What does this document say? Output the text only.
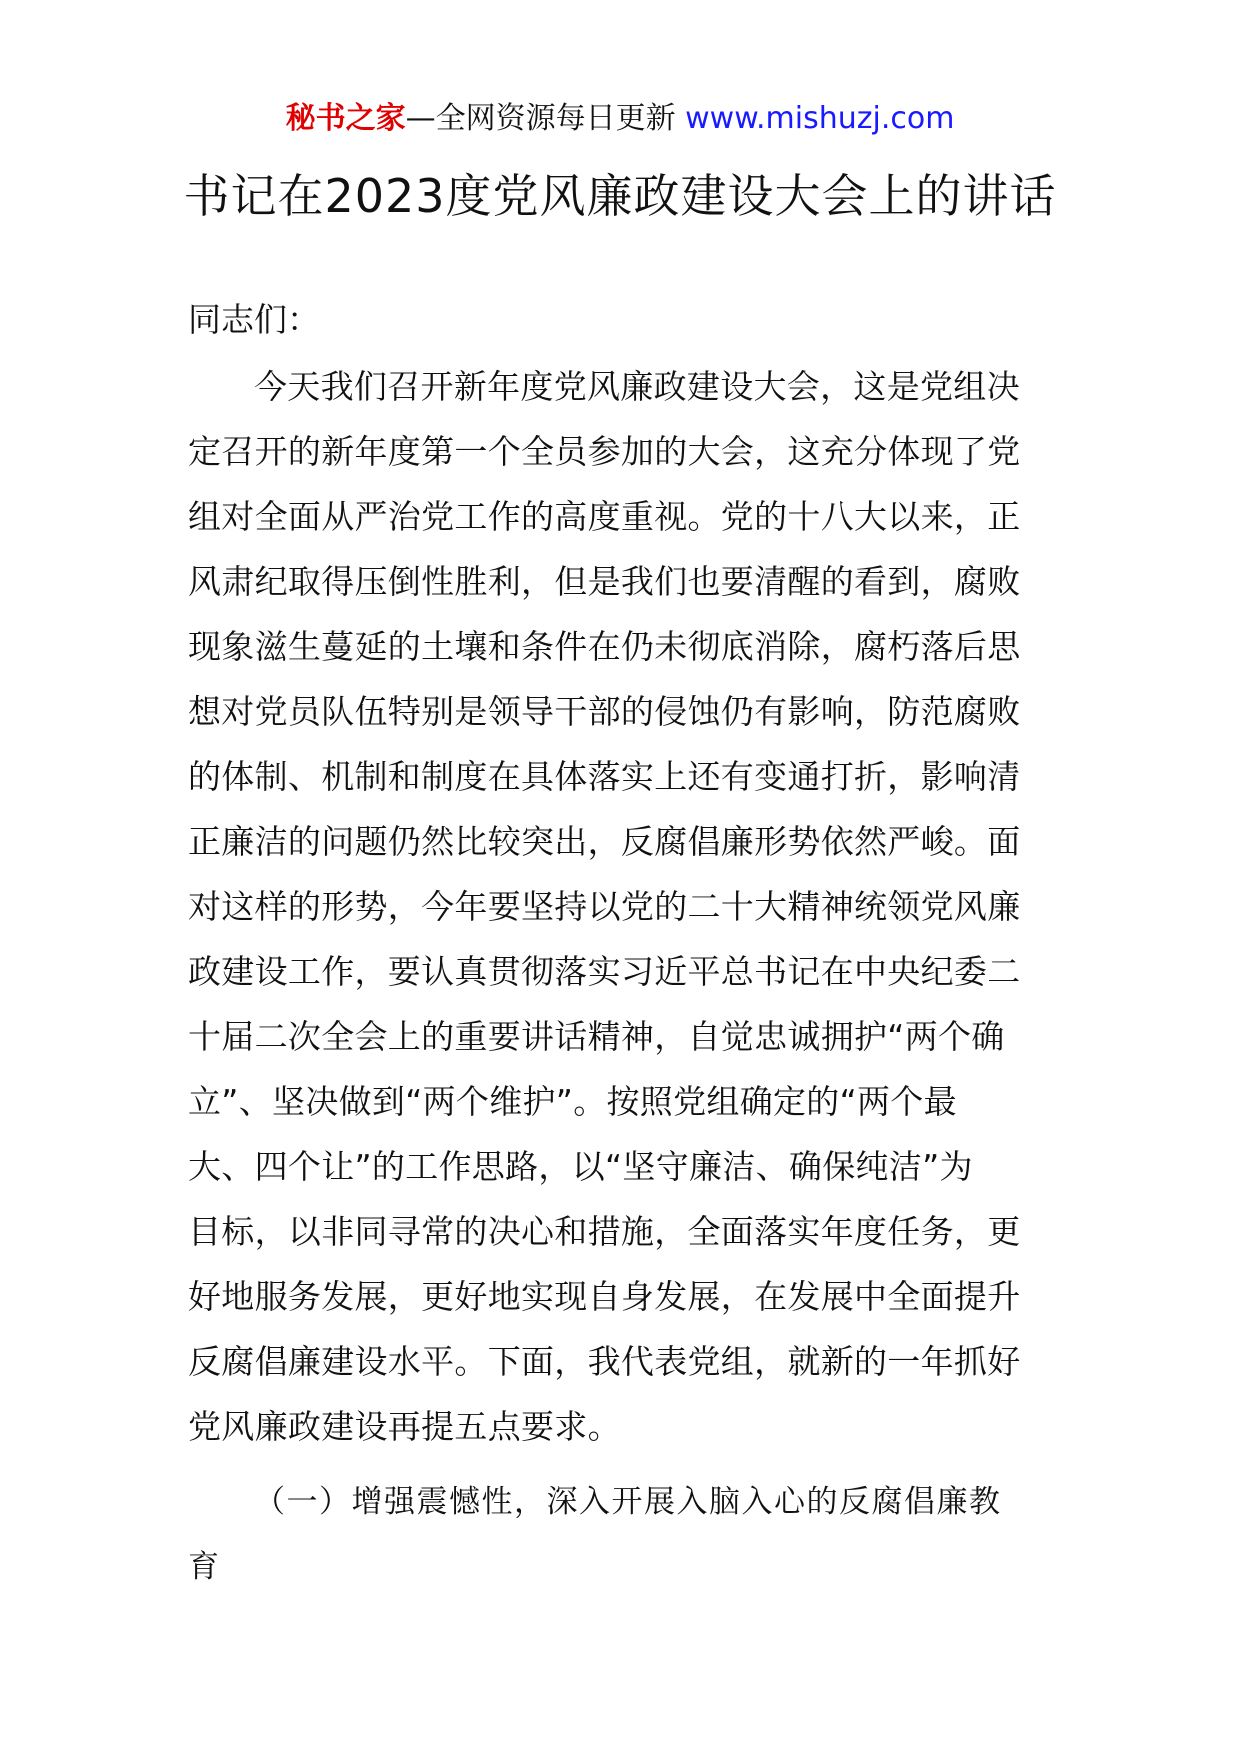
秘书之家—全网资源每日更新 www.mishuzj.com
书记在2023度党风廉政建设大会上的讲话
同志们：
今天我们召开新年度党风廉政建设大会，这是党组决
定召开的新年度第一个全员参加的大会，这充分体现了党
组对全面从严治党工作的高度重视。党的十八大以来，正
风肃纪取得压倒性胜利，但是我们也要清醒的看到，腐败
现象滋生蔓延的土壤和条件在仍未彻底消除，腐朽落后思
想对党员队伍特别是领导干部的侵蚀仍有影响，防范腐败
的体制、机制和制度在具体落实上还有变通打折，影响清
正廉洁的问题仍然比较突出，反腐倡廉形势依然严峻。面
对这样的形势，今年要坚持以党的二十大精神统领党风廉
政建设工作，要认真贯彻落实习近平总书记在中央纪委二
十届二次全会上的重要讲话精神，自觉忠诚拥护“两个确
立”、坚决做到“两个维护”。按照党组确定的“两个最
大、四个让”的工作思路，以“坚守廉洁、确保纯洁”为
目标，以非同寻常的决心和措施，全面落实年度任务，更
好地服务发展，更好地实现自身发展，在发展中全面提升
反腐倡廉建设水平。下面，我代表党组，就新的一年抓好
党风廉政建设再提五点要求。
（一）增强震憾性，深入开展入脑入心的反腐倡廉教
育
